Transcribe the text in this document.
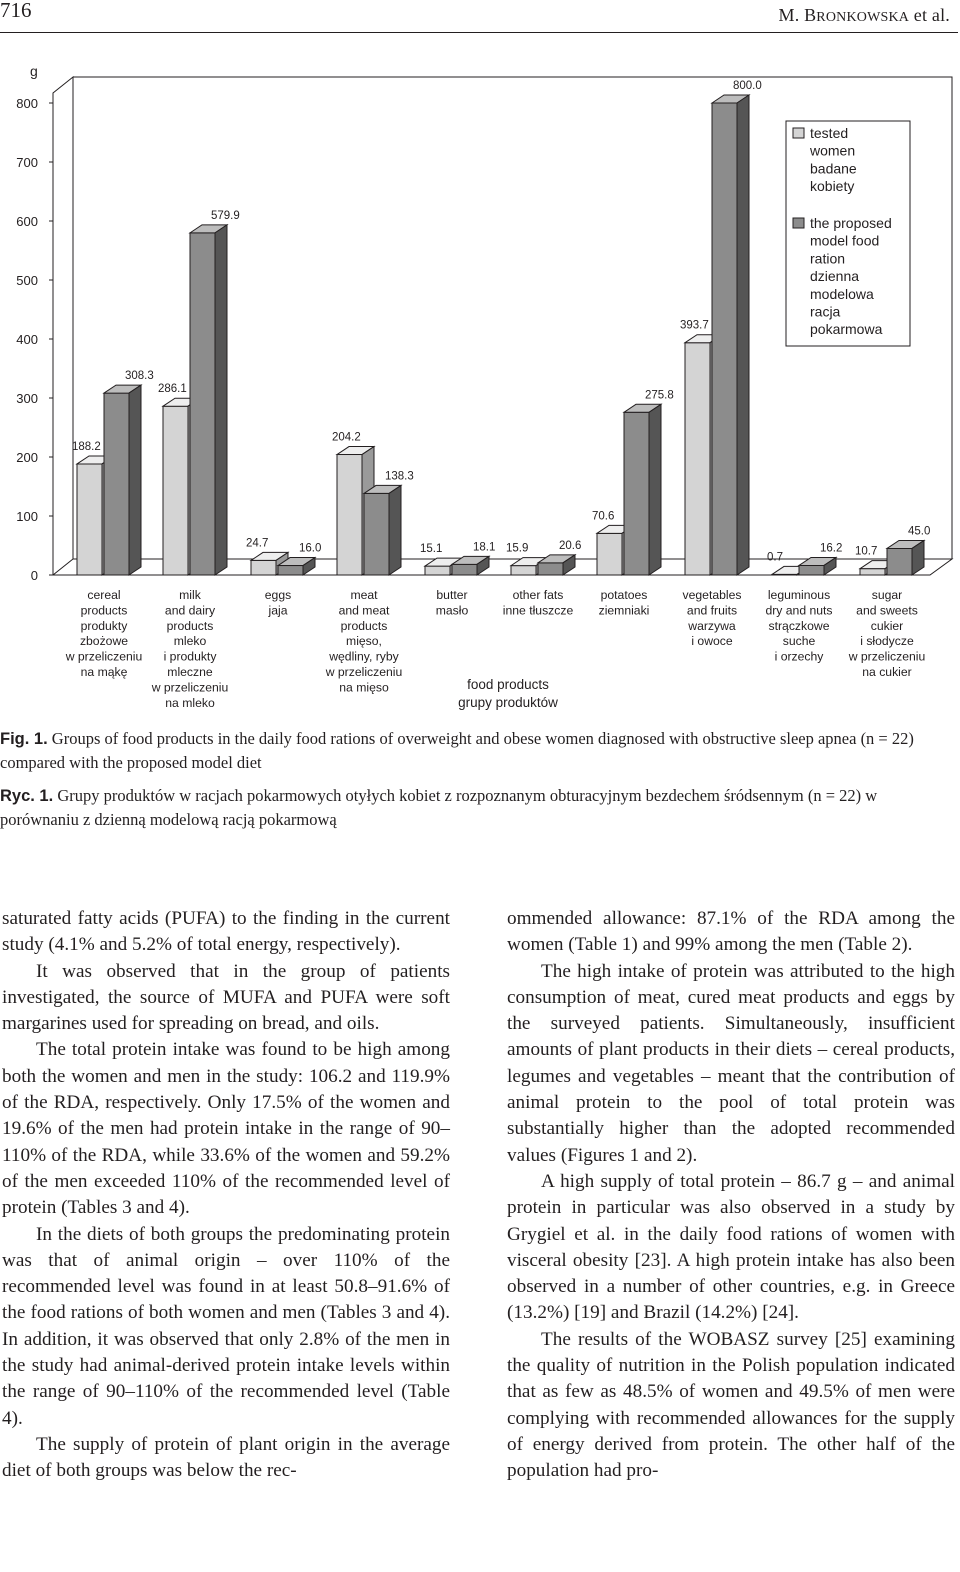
716	M. BRONKOWSKA et al.
0
100
200
300
400
500
600
700
800
g
188.2
286.1
24.7
204.2
15.1	15.9
70.6
393.7
0.7	10.7
308.3
579.9
16.0
138.3
18.1	20.6
275.8
800.0
16.2
45.0
cereal
products
produkty
zbożowe
w przeliczeniu
na mąkę
milk
and dairy
products
mleko
i produkty
mleczne
w przeliczeniu
na mleko
eggs
jaja
meat
and meat
products
mięso,
wędliny, ryby
w przeliczeniu
na mięso
butter
masło
other fats
inne tłuszcze
potatoes
ziemniaki
vegetables
and fruits
warzywa
i owoce
leguminous
dry and nuts
strączkowe
suche
i orzechy
sugar
and sweets
cukier
i słodycze
w przeliczeniu
na cukier
food products
grupy produktów
tested
women
badane
kobiety
the proposed
model food
ration
dzienna
modelowa
racja
pokarmowa
Fig. 1. Groups of food products in the daily food rations of overweight and obese women diagnosed with obstructive sleep apnea (n = 22) compared with the proposed model diet
Ryc. 1. Grupy produktów w racjach pokarmowych otyłych kobiet z rozpoznanym obturacyjnym bezdechem śródsennym (n = 22) w porównaniu z dzienną modelową racją pokarmową

saturated fatty acids (PUFA) to the finding in the current study (4.1% and 5.2% of total energy, respectively).

It was observed that in the group of patients investigated, the source of MUFA and PUFA were soft margarines used for spreading on bread, and oils.

The total protein intake was found to be high among both the women and men in the study: 106.2 and 119.9% of the RDA, respectively. Only 17.5% of the women and 19.6% of the men had protein intake in the range of 90–110% of the RDA, while 33.6% of the women and 59.2% of the men exceeded 110% of the recommended level of protein (Tables 3 and 4).

In the diets of both groups the predominating protein was that of animal origin – over 110% of the recommended level was found in at least 50.8–91.6% of the food rations of both women and men (Tables 3 and 4). In addition, it was observed that only 2.8% of the men in the study had animal-derived protein intake levels within the range of 90–110% of the recommended level (Table 4).

The supply of protein of plant origin in the average diet of both groups was below the rec-

ommended allowance: 87.1% of the RDA among the women (Table 1) and 99% among the men (Table 2).

The high intake of protein was attributed to the high consumption of meat, cured meat products and eggs by the surveyed patients. Simultaneously, insufficient amounts of plant products in their diets – cereal products, legumes and vegetables – meant that the contribution of animal protein to the pool of total protein was substantially higher than the adopted recommended values (Figures 1 and 2).

A high supply of total protein – 86.7 g – and animal protein in particular was also observed in a study by Grygiel et al. in the daily food rations of women with visceral obesity [23]. A high protein intake has also been observed in a number of other countries, e.g. in Greece (13.2%) [19] and Brazil (14.2%) [24].

The results of the WOBASZ survey [25] examining the quality of nutrition in the Polish population indicated that as few as 48.5% of women and 49.5% of men were complying with recommended allowances for the supply of energy derived from protein. The other half of the population had pro-
